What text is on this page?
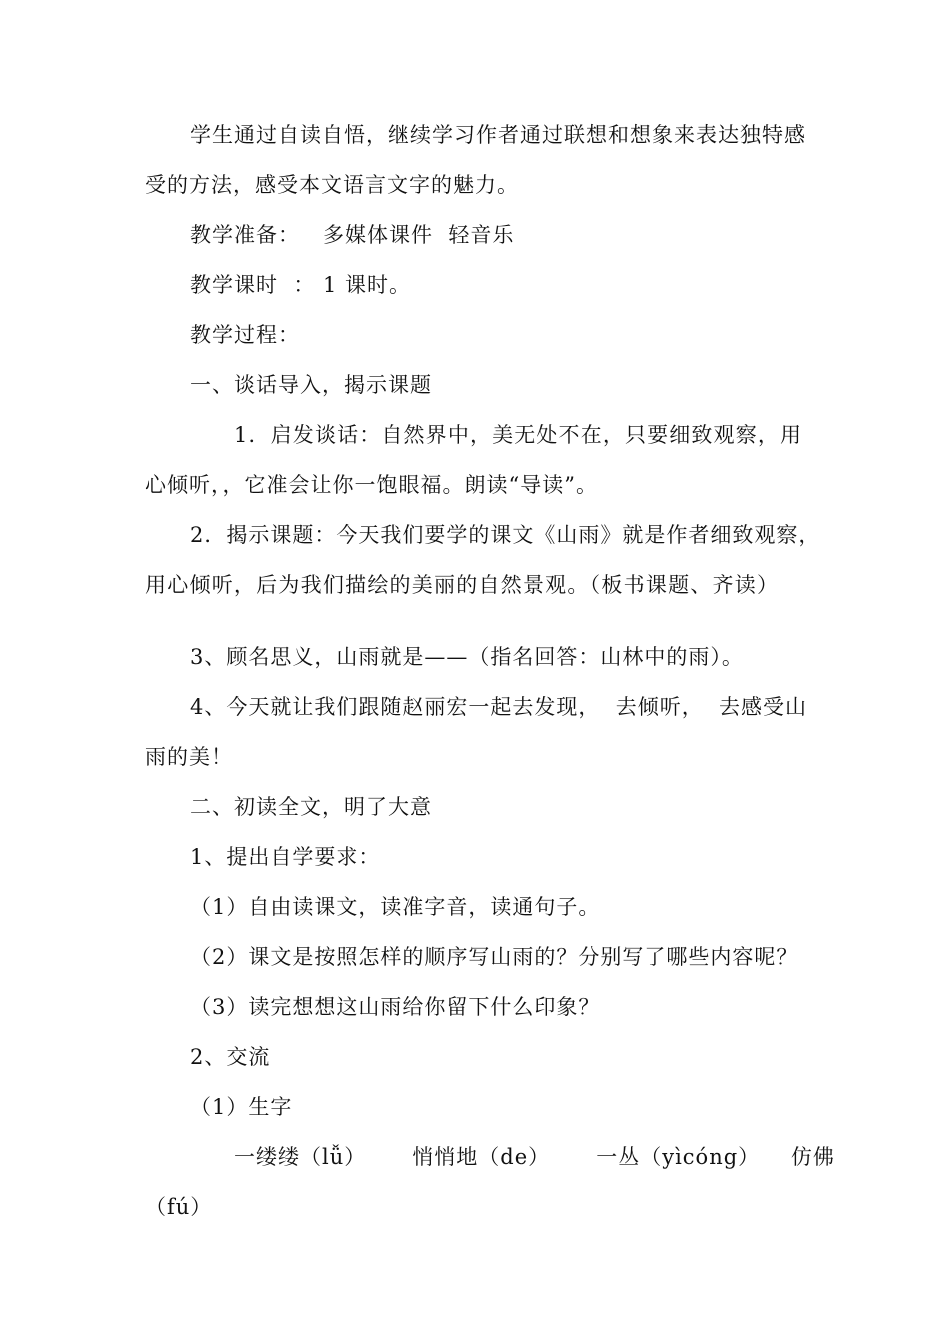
学生通过自读自悟，继续学习作者通过联想和想象来表达独特感
受的方法，感受本文语言文字的魅力。
教学准备：   多媒体课件  轻音乐
教学课时  ： 1 课时。
教学过程：
一、谈话导入，揭示课题
1．启发谈话：自然界中，美无处不在，只要细致观察，用
心倾听，，它准会让你一饱眼福。朗读“导读”。
2．揭示课题：今天我们要学的课文《山雨》就是作者细致观察，
用心倾听，后为我们描绘的美丽的自然景观。（板书课题、齐读）
3、顾名思义，山雨就是——（指名回答：山林中的雨）。
4、今天就让我们跟随赵丽宏一起去发现，  去倾听，  去感受山
雨的美！
二、初读全文，明了大意
1、提出自学要求：
（1）自由读课文，读准字音，读通句子。
（2）课文是按照怎样的顺序写山雨的？分别写了哪些内容呢？
（3）读完想想这山雨给你留下什么印象？
2、交流
（1）生字
一缕缕（lǚ）      悄悄地（de）      一丛（yìcóng）    仿佛
（fú）
